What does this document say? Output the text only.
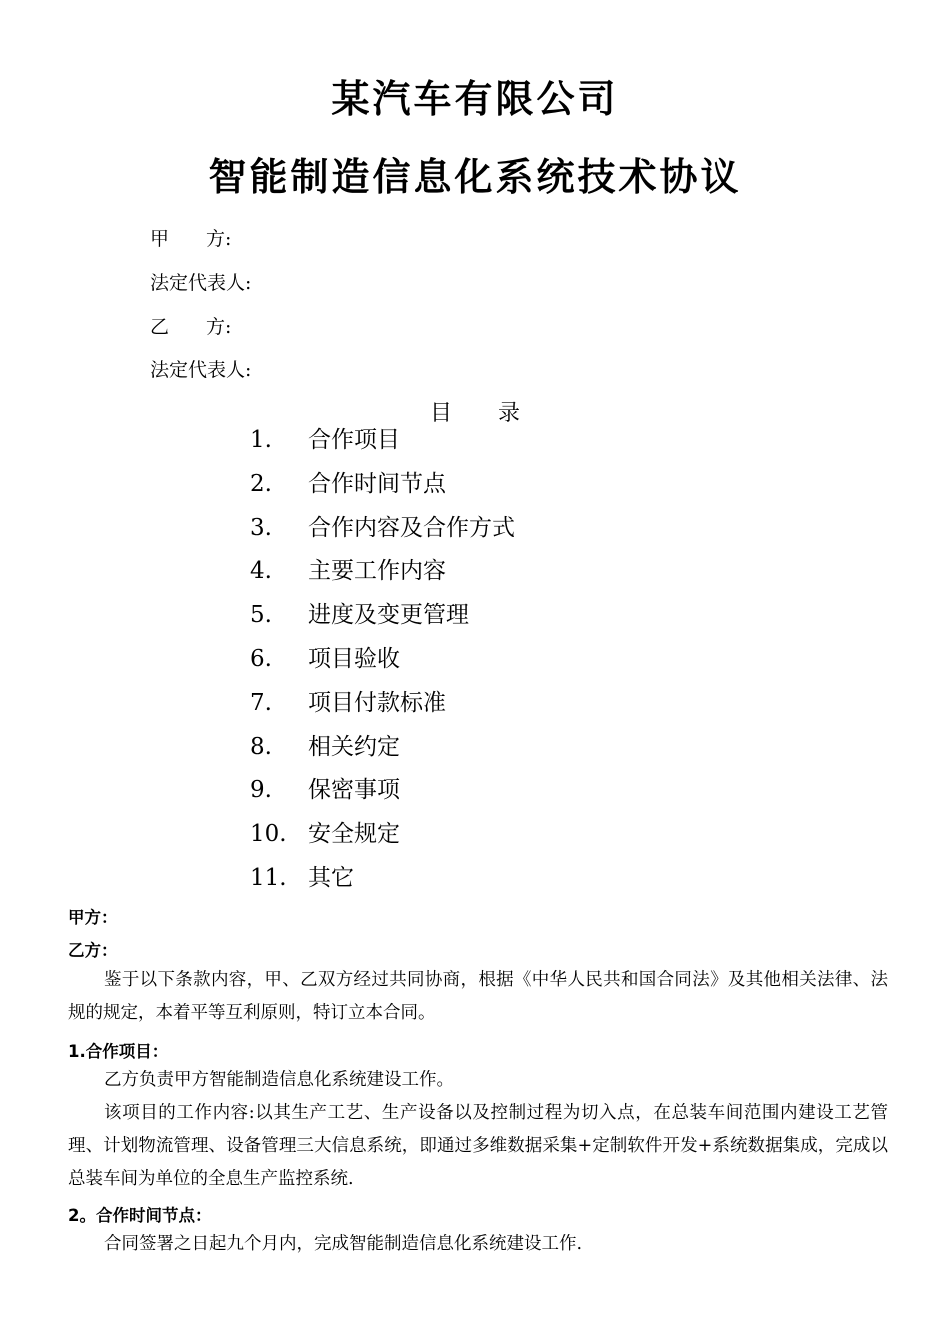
某汽车有限公司
智能制造信息化系统技术协议
甲 方:
法定代表人:
乙 方:
法定代表人:
目录
1.	合作项目
2.	合作时间节点
3.	合作内容及合作方式
4.	主要工作内容
5.	进度及变更管理
6.	项目验收
7.	项目付款标准
8.	相关约定
9.	保密事项
10. 安全规定
11. 其它
甲方：
乙方：
鉴于以下条款内容，甲、乙双方经过共同协商，根据《中华人民共和国合同法》及其他相关法律、法规的规定，本着平等互利原则，特订立本合同。
1.合作项目：
乙方负责甲方智能制造信息化系统建设工作。
该项目的工作内容:以其生产工艺、生产设备以及控制过程为切入点，在总装车间范围内建设工艺管理、计划物流管理、设备管理三大信息系统，即通过多维数据采集+定制软件开发+系统数据集成，完成以总装车间为单位的全息生产监控系统.
2。合作时间节点：
合同签署之日起九个月内，完成智能制造信息化系统建设工作.
